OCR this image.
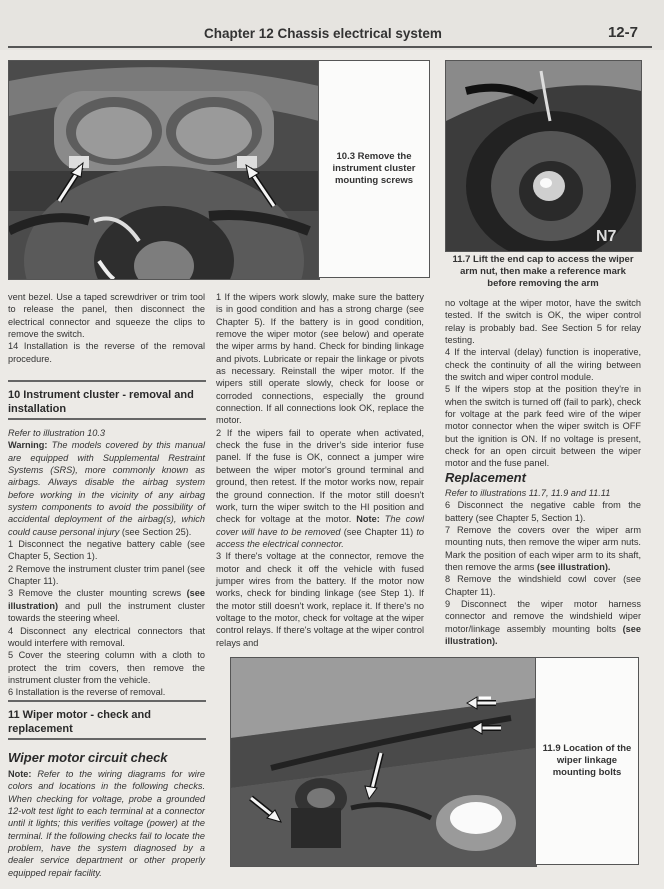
Chapter 12 Chassis electrical system	12-7
10.3 Remove the instrument cluster mounting screws
N7
11.7 Lift the end cap to access the wiper arm nut, then make a reference mark before removing the arm

vent bezel. Use a taped screwdriver or trim tool to release the panel, then disconnect the electrical connector and squeeze the clips to remove the switch.

14 Installation is the reverse of the removal procedure.

10 Instrument cluster - removal and installation

Refer to illustration 10.3

Warning: The models covered by this manual are equipped with Supplemental Restraint Systems (SRS), more commonly known as airbags. Always disable the airbag system before working in the vicinity of any airbag system components to avoid the possibility of accidental deployment of the airbag(s), which could cause personal injury (see Section 25).

1 Disconnect the negative battery cable (see Chapter 5, Section 1).

2 Remove the instrument cluster trim panel (see Chapter 11).

3 Remove the cluster mounting screws (see illustration) and pull the instrument cluster towards the steering wheel.

4 Disconnect any electrical connectors that would interfere with removal.

5 Cover the steering column with a cloth to protect the trim covers, then remove the instrument cluster from the vehicle.

6 Installation is the reverse of removal.

11 Wiper motor - check and replacement
Wiper motor circuit check

Note: Refer to the wiring diagrams for wire colors and locations in the following checks. When checking for voltage, probe a grounded 12-volt test light to each terminal at a connector until it lights; this verifies voltage (power) at the terminal. If the following checks fail to locate the problem, have the system diagnosed by a dealer service department or other properly equipped repair facility.

1 If the wipers work slowly, make sure the battery is in good condition and has a strong charge (see Chapter 5). If the battery is in good condition, remove the wiper motor (see below) and operate the wiper arms by hand. Check for binding linkage and pivots. Lubricate or repair the linkage or pivots as necessary. Reinstall the wiper motor. If the wipers still operate slowly, check for loose or corroded connections, especially the ground connection. If all connections look OK, replace the motor.

2 If the wipers fail to operate when activated, check the fuse in the driver's side interior fuse panel. If the fuse is OK, connect a jumper wire between the wiper motor's ground terminal and ground, then retest. If the motor works now, repair the ground connection. If the motor still doesn't work, turn the wiper switch to the HI position and check for voltage at the motor. Note: The cowl cover will have to be removed (see Chapter 11) to access the electrical connector.

3 If there's voltage at the connector, remove the motor and check it off the vehicle with fused jumper wires from the battery. If the motor now works, check for binding linkage (see Step 1). If the motor still doesn't work, replace it. If there's no voltage to the motor, check for voltage at the wiper control relays. If there's voltage at the wiper control relays and

no voltage at the wiper motor, have the switch tested. If the switch is OK, the wiper control relay is probably bad. See Section 5 for relay testing.

4 If the interval (delay) function is inoperative, check the continuity of all the wiring between the switch and wiper control module.

5 If the wipers stop at the position they're in when the switch is turned off (fail to park), check for voltage at the park feed wire of the wiper motor connector when the wiper switch is OFF but the ignition is ON. If no voltage is present, check for an open circuit between the wiper motor and the fuse panel.

Replacement

Refer to illustrations 11.7, 11.9 and 11.11

6 Disconnect the negative cable from the battery (see Chapter 5, Section 1).

7 Remove the covers over the wiper arm mounting nuts, then remove the wiper arm nuts. Mark the position of each wiper arm to its shaft, then remove the arms (see illustration).

8 Remove the windshield cowl cover (see Chapter 11).

9 Disconnect the wiper motor harness connector and remove the windshield wiper motor/linkage assembly mounting bolts (see illustration).

11.9 Location of the wiper linkage mounting bolts
